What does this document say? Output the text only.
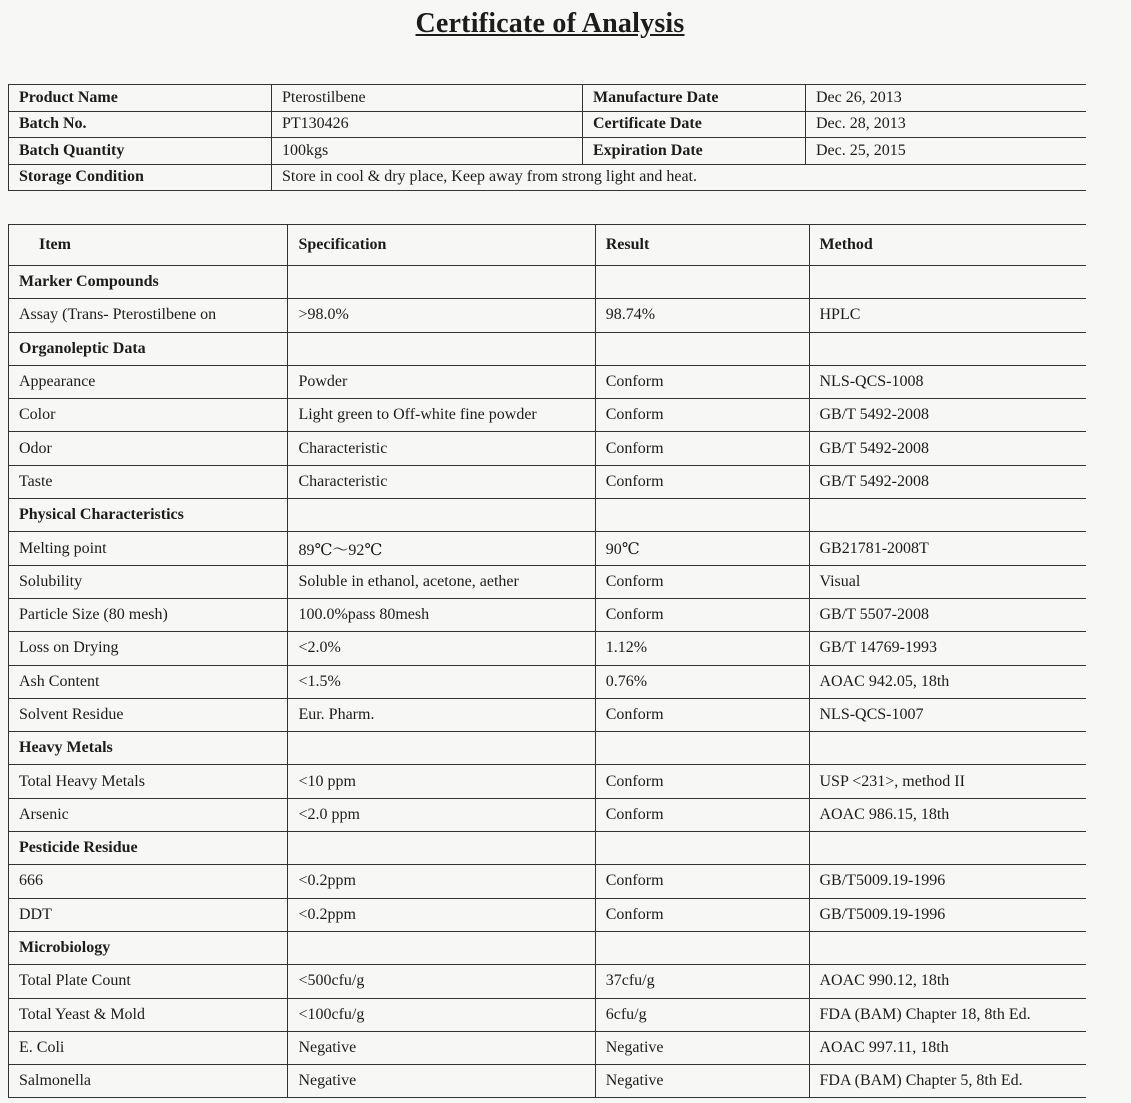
Certificate of Analysis
Product Name	Pterostilbene	Manufacture Date	Dec 26, 2013
Batch No.	PT130426	Certificate Date	Dec. 28, 2013
Batch Quantity	100kgs	Expiration Date	Dec. 25, 2015
Storage Condition	Store in cool & dry place, Keep away from strong light and heat.		
Item	Specification	Result	Method
Marker Compounds			
Assay (Trans- Pterostilbene on	>98.0%	98.74%	HPLC
Organoleptic Data			
Appearance	Powder	Conform	NLS-QCS-1008
Color	Light green to Off-white fine powder	Conform	GB/T 5492-2008
Odor	Characteristic	Conform	GB/T 5492-2008
Taste	Characteristic	Conform	GB/T 5492-2008
Physical Characteristics			
Melting point	89℃～92℃	90℃	GB21781-2008T
Solubility	Soluble in ethanol, acetone, aether	Conform	Visual
Particle Size (80 mesh)	100.0%pass 80mesh	Conform	GB/T 5507-2008
Loss on Drying	<2.0%	1.12%	GB/T 14769-1993
Ash Content	<1.5%	0.76%	AOAC 942.05, 18th
Solvent Residue	Eur. Pharm.	Conform	NLS-QCS-1007
Heavy Metals			
Total Heavy Metals	<10 ppm	Conform	USP <231>, method II
Arsenic	<2.0 ppm	Conform	AOAC 986.15, 18th
Pesticide Residue			
666	<0.2ppm	Conform	GB/T5009.19-1996
DDT	<0.2ppm	Conform	GB/T5009.19-1996
Microbiology			
Total Plate Count	<500cfu/g	37cfu/g	AOAC 990.12, 18th
Total Yeast & Mold	<100cfu/g	6cfu/g	FDA (BAM) Chapter 18, 8th Ed.
E. Coli	Negative	Negative	AOAC 997.11, 18th
Salmonella	Negative	Negative	FDA (BAM) Chapter 5, 8th Ed.
